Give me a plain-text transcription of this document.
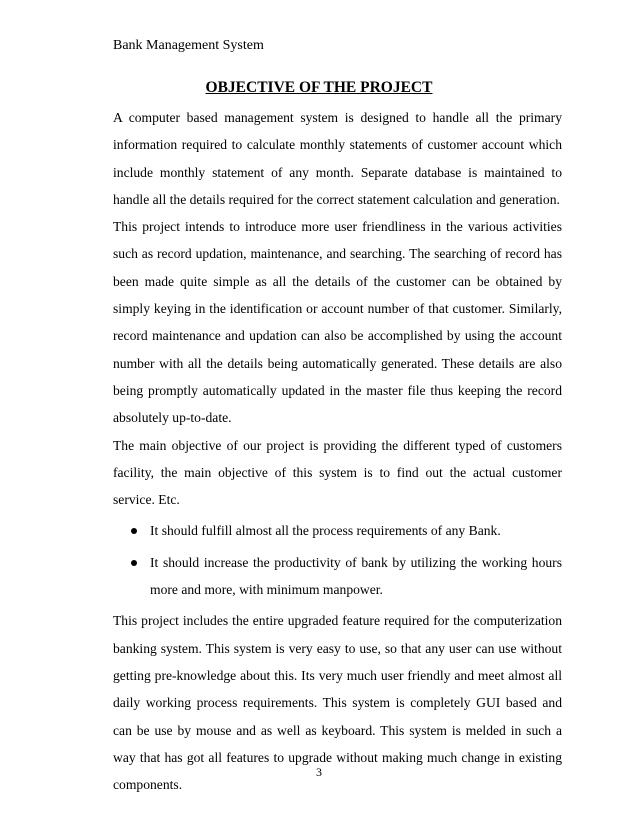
Bank Management System
OBJECTIVE OF THE PROJECT

A computer based management system is designed to handle all the primary information required to calculate monthly statements of customer account which include monthly statement of any month. Separate database is maintained to handle all the details required for the correct statement calculation and generation.

This project intends to introduce more user friendliness in the various activities such as record updation, maintenance, and searching. The searching of record has been made quite simple as all the details of the customer can be obtained by simply keying in the identification or account number of that customer. Similarly, record maintenance and updation can also be accomplished by using the account number with all the details being automatically generated. These details are also being promptly automatically updated in the master file thus keeping the record absolutely up-to-date.

The main objective of our project is providing the different typed of customers facility, the main objective of this system is to find out the actual customer service. Etc.

It should fulfill almost all the process requirements of any Bank.
It should increase the productivity of bank by utilizing the working hours more and more, with minimum manpower.

This project includes the entire upgraded feature required for the computerization banking system. This system is very easy to use, so that any user can use without getting pre-knowledge about this. Its very much user friendly and meet almost all daily working process requirements. This system is completely GUI based and can be use by mouse and as well as keyboard. This system is melded in such a way that has got all features to upgrade without making much change in existing components.

3
